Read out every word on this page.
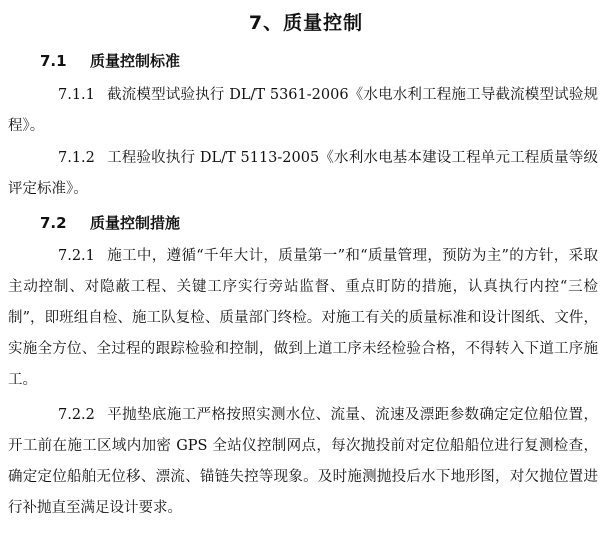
7、质量控制
7.1 质量控制标准

7.1.1 截流模型试验执行 DL/T 5361-2006《水电水利工程施工导截流模型试验规程》。

7.1.2 工程验收执行 DL/T 5113-2005《水利水电基本建设工程单元工程质量等级评定标准》。

7.2 质量控制措施

7.2.1 施工中，遵循“千年大计，质量第一”和“质量管理，预防为主”的方针，采取主动控制、对隐蔽工程、关键工序实行旁站监督、重点盯防的措施，认真执行内控“三检制”，即班组自检、施工队复检、质量部门终检。对施工有关的质量标准和设计图纸、文件，实施全方位、全过程的跟踪检验和控制，做到上道工序未经检验合格，不得转入下道工序施工。

7.2.2 平抛垫底施工严格按照实测水位、流量、流速及漂距参数确定定位船位置，开工前在施工区域内加密 GPS 全站仪控制网点，每次抛投前对定位船船位进行复测检查，确定定位船舶无位移、漂流、锚链失控等现象。及时施测抛投后水下地形图，对欠抛位置进行补抛直至满足设计要求。
